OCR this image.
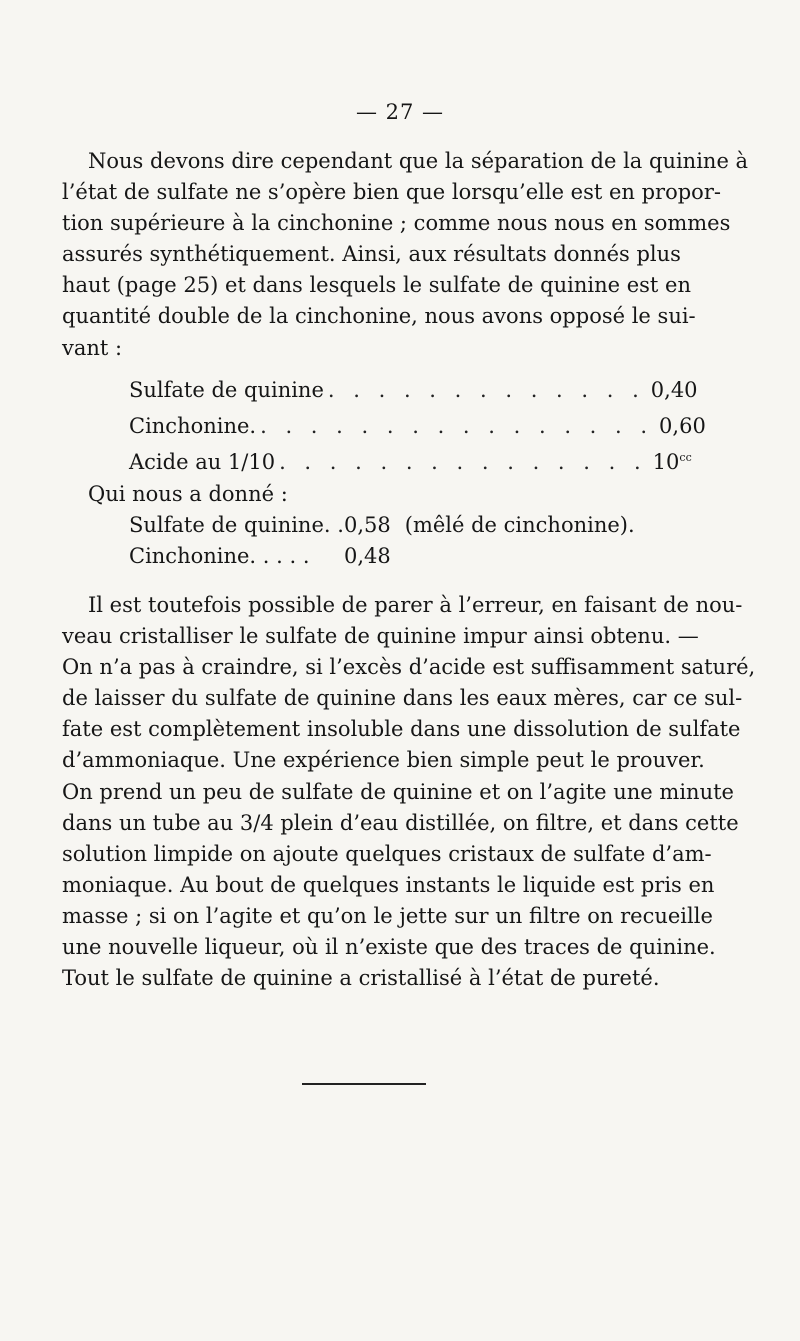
— 27 —

Nous devons dire cependant que la séparation de la quinine à
l’état de sulfate ne s’opère bien que lorsqu’elle est en propor-
tion supérieure à la cinchonine ; comme nous nous en sommes
assurés synthétiquement. Ainsi, aux résultats donnés plus
haut (page 25) et dans lesquels le sulfate de quinine est en
quantité double de la cinchonine, nous avons opposé le sui-
vant :

Sulfate de quinine . . . . . . . . . . . . . 0,40
Cinchonine. . . . . . . . . . . . . . . . . 0,60
Acide au 1/10 . . . . . . . . . . . . . . . $10^{cc}$
Qui nous a donné :
Sulfate de quinine. .0,58 (mêlé de cinchonine).
Cinchonine. . . . . 0,48

Il est toutefois possible de parer à l’erreur, en faisant de nou-
veau cristalliser le sulfate de quinine impur ainsi obtenu. —
On n’a pas à craindre, si l’excès d’acide est suffisamment saturé,
de laisser du sulfate de quinine dans les eaux mères, car ce sul-
fate est complètement insoluble dans une dissolution de sulfate
d’ammoniaque. Une expérience bien simple peut le prouver.
On prend un peu de sulfate de quinine et on l’agite une minute
dans un tube au 3/4 plein d’eau distillée, on filtre, et dans cette
solution limpide on ajoute quelques cristaux de sulfate d’am-
moniaque. Au bout de quelques instants le liquide est pris en
masse ; si on l’agite et qu’on le jette sur un filtre on recueille
une nouvelle liqueur, où il n’existe que des traces de quinine.
Tout le sulfate de quinine a cristallisé à l’état de pureté.
